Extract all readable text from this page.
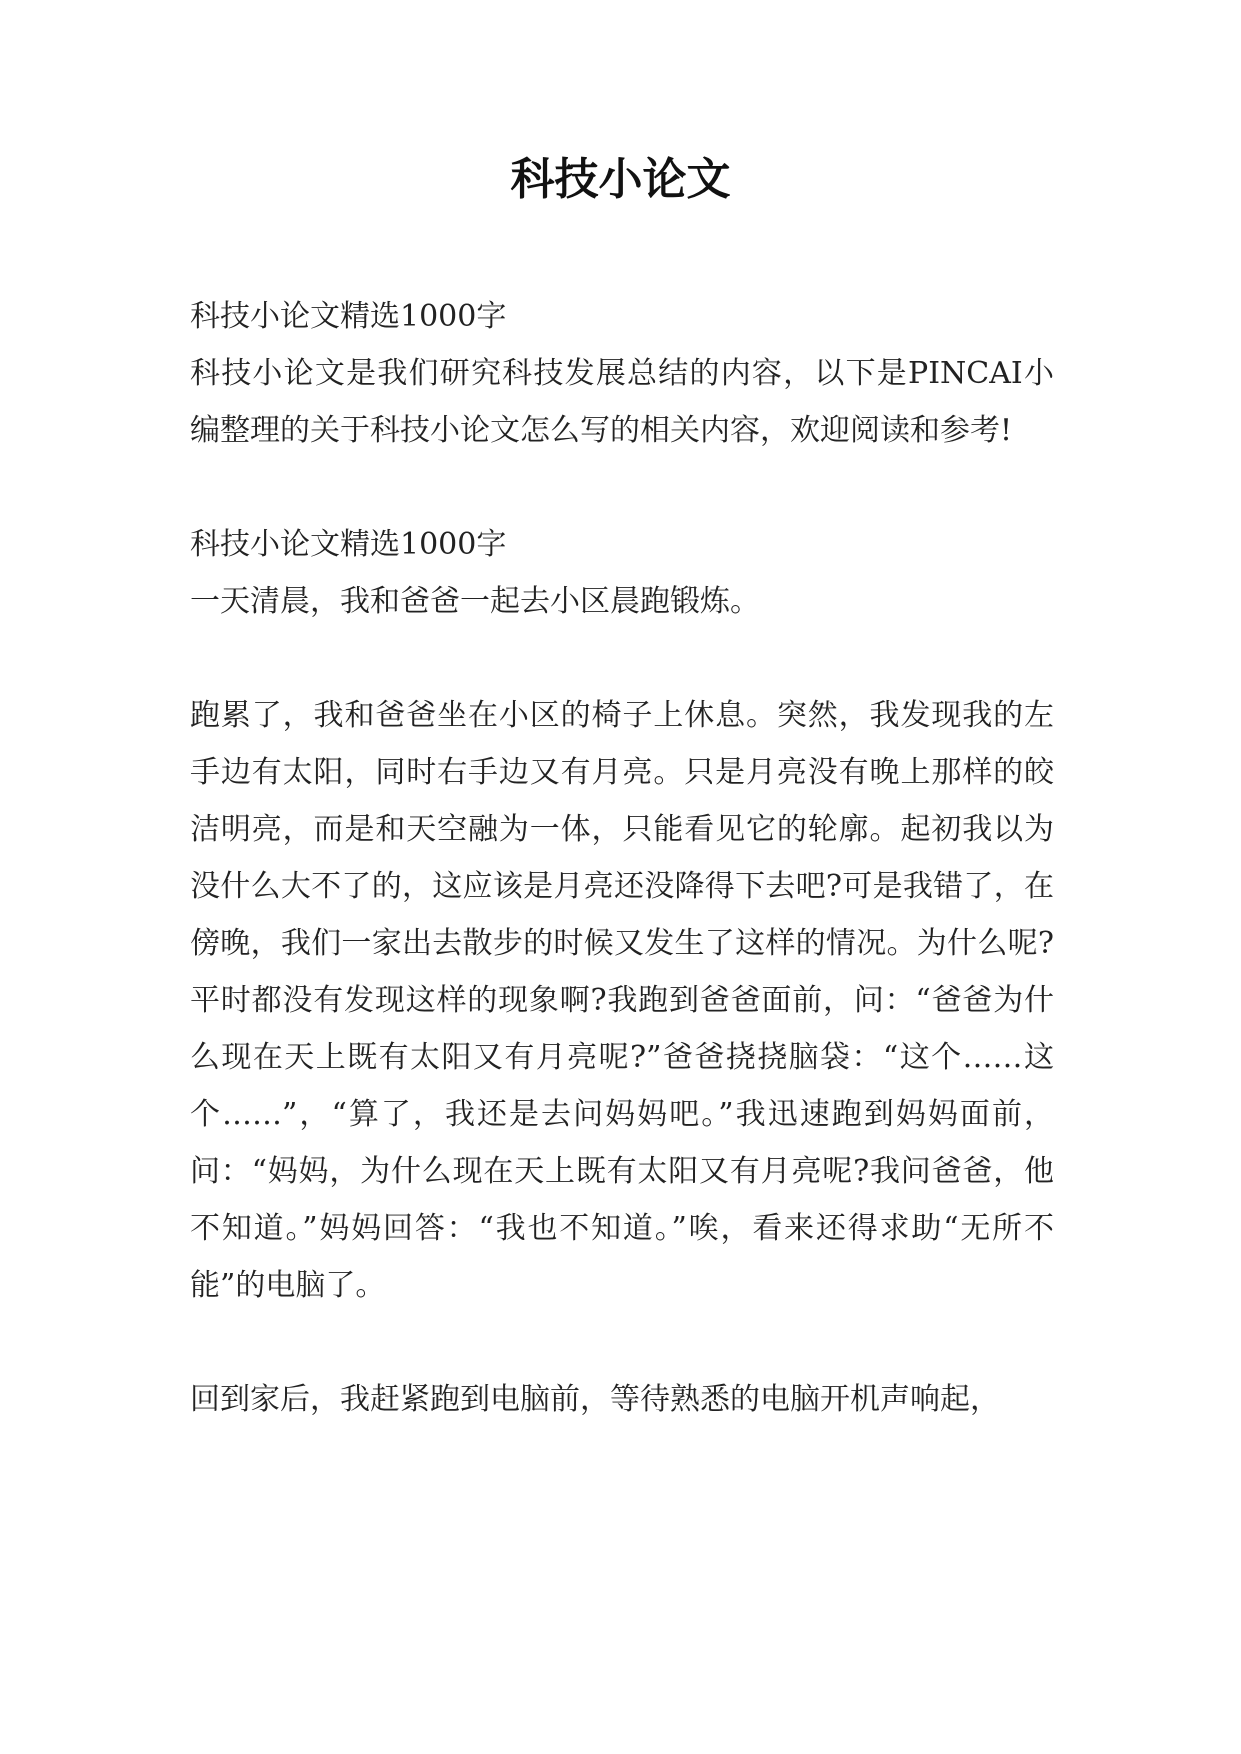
科技小论文

科技小论文精选1000字

科技小论文是我们研究科技发展总结的内容，以下是PINCAI小编整理的关于科技小论文怎么写的相关内容，欢迎阅读和参考!

科技小论文精选1000字

一天清晨，我和爸爸一起去小区晨跑锻炼。

跑累了，我和爸爸坐在小区的椅子上休息。突然，我发现我的左手边有太阳，同时右手边又有月亮。只是月亮没有晚上那样的皎洁明亮，而是和天空融为一体，只能看见它的轮廓。起初我以为没什么大不了的，这应该是月亮还没降得下去吧?可是我错了，在傍晚，我们一家出去散步的时候又发生了这样的情况。为什么呢?平时都没有发现这样的现象啊?我跑到爸爸面前，问：“爸爸为什么现在天上既有太阳又有月亮呢?”爸爸挠挠脑袋：“这个……这个……”，“算了，我还是去问妈妈吧。”我迅速跑到妈妈面前，问：“妈妈，为什么现在天上既有太阳又有月亮呢?我问爸爸，他不知道。”妈妈回答：“我也不知道。”唉，看来还得求助“无所不能”的电脑了。

回到家后，我赶紧跑到电脑前，等待熟悉的电脑开机声响起，
